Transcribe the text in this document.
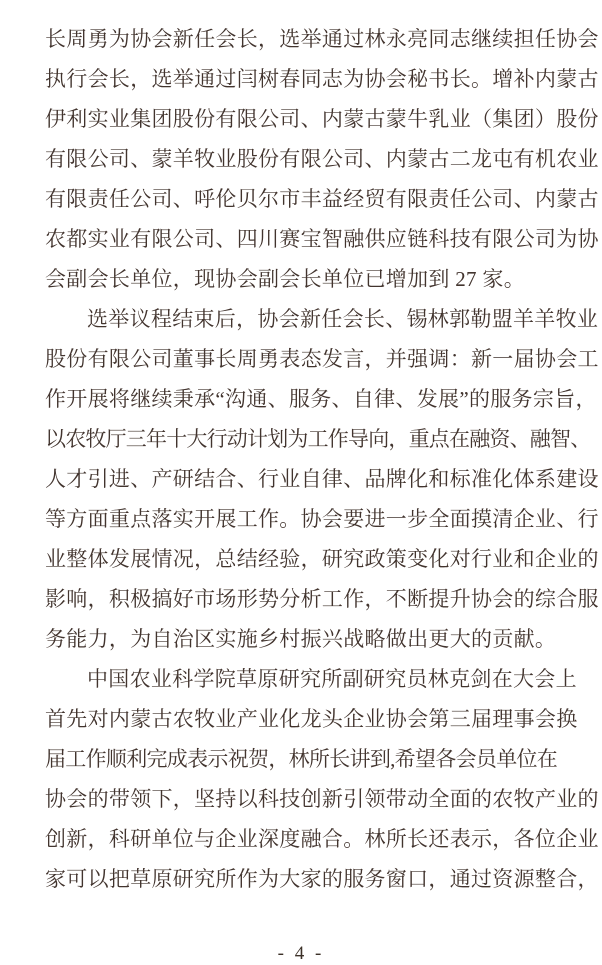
长周勇为协会新任会长，选举通过林永亮同志继续担任协会
执行会长，选举通过闫树春同志为协会秘书长。增补内蒙古
伊利实业集团股份有限公司、内蒙古蒙牛乳业（集团）股份
有限公司、蒙羊牧业股份有限公司、内蒙古二龙屯有机农业
有限责任公司、呼伦贝尔市丰益经贸有限责任公司、内蒙古
农都实业有限公司、四川赛宝智融供应链科技有限公司为协
会副会长单位，现协会副会长单位已增加到 27 家。
选举议程结束后，协会新任会长、锡林郭勒盟羊羊牧业
股份有限公司董事长周勇表态发言，并强调：新一届协会工
作开展将继续秉承“沟通、服务、自律、发展”的服务宗旨，
以农牧厅三年十大行动计划为工作导向，重点在融资、融智、
人才引进、产研结合、行业自律、品牌化和标准化体系建设
等方面重点落实开展工作。协会要进一步全面摸清企业、行
业整体发展情况，总结经验，研究政策变化对行业和企业的
影响，积极搞好市场形势分析工作，不断提升协会的综合服
务能力，为自治区实施乡村振兴战略做出更大的贡献。
中国农业科学院草原研究所副研究员林克剑在大会上
首先对内蒙古农牧业产业化龙头企业协会第三届理事会换
届工作顺利完成表示祝贺，林所长讲到,希望各会员单位在
协会的带领下，坚持以科技创新引领带动全面的农牧产业的
创新，科研单位与企业深度融合。林所长还表示，各位企业
家可以把草原研究所作为大家的服务窗口，通过资源整合，
- 4 -
